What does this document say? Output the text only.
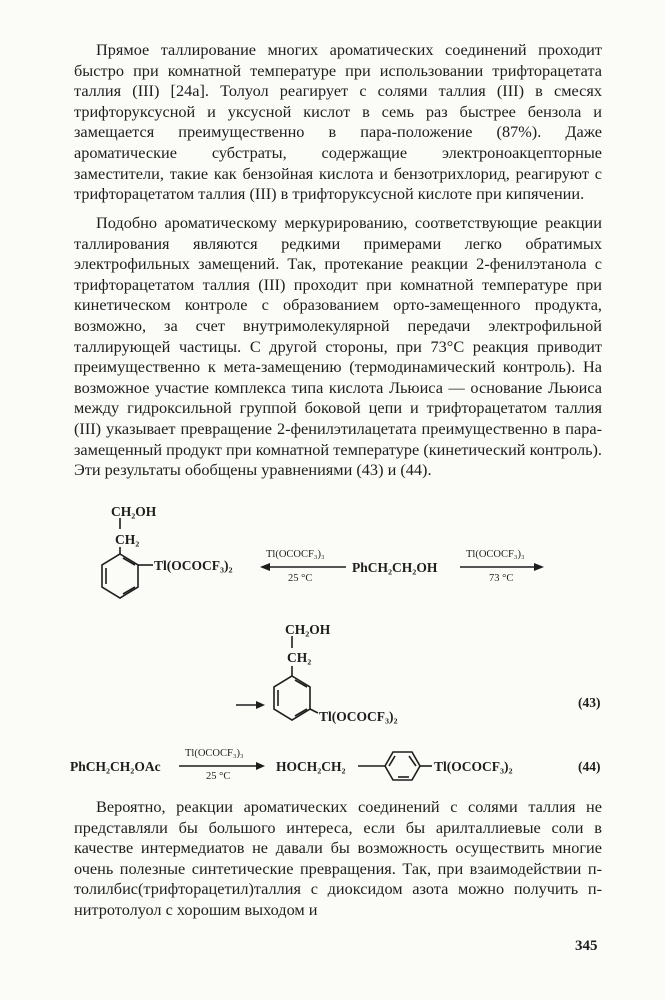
Прямое таллирование многих ароматических соединений проходит быстро при комнатной температуре при использовании трифторацетата таллия (III) [24а]. Толуол реагирует с солями таллия (III) в смесях трифторуксусной и уксусной кислот в семь раз быстрее бензола и замещается преимущественно в пара-положение (87%). Даже ароматические субстраты, содержащие электроноакцепторные заместители, такие как бензойная кислота и бензотрихлорид, реагируют с трифторацетатом таллия (III) в трифторуксусной кислоте при кипячении.

Подобно ароматическому меркурированию, соответствующие реакции таллирования являются редкими примерами легко обратимых электрофильных замещений. Так, протекание реакции 2-фенилэтанола с трифторацетатом таллия (III) проходит при комнатной температуре при кинетическом контроле с образованием орто-замещенного продукта, возможно, за счет внутримолекулярной передачи электрофильной таллирующей частицы. С другой стороны, при 73°C реакция приводит преимущественно к мета-замещению (термодинамический контроль). На возможное участие комплекса типа кислота Льюиса — основание Льюиса между гидроксильной группой боковой цепи и трифторацетатом таллия (III) указывает превращение 2-фенилэтилацетата преимущественно в пара-замещенный продукт при комнатной температуре (кинетический контроль). Эти результаты обобщены уравнениями (43) и (44).

CH₂OH
CH₂
Tl(OCOCF₃)₂
Tl(OCOCF₃)₃
25 °C
PhCH₂CH₂OH
Tl(OCOCF₃)₃
73 °C
CH₂OH
CH₂
Tl(OCOCF₃)₂
(43)
PhCH₂CH₂OAc
Tl(OCOCF₃)₃
25 °C
HOCH₂CH₂	Tl(OCOCF₃)₂	(44)

Вероятно, реакции ароматических соединений с солями таллия не представляли бы большого интереса, если бы арилталлиевые соли в качестве интермедиатов не давали бы возможность осуществить многие очень полезные синтетические превращения. Так, при взаимодействии п-толилбис(трифторацетил)таллия с диоксидом азота можно получить п-нитротолуол с хорошим выходом и

345
